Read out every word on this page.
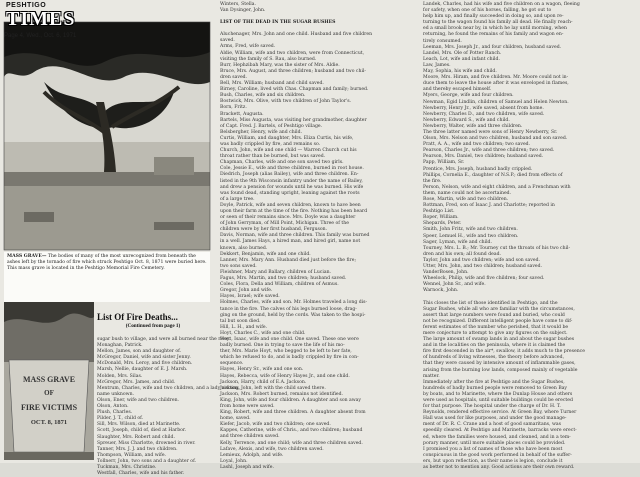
PESHTIGO
TIMES
Page 4, Wed., Oct. 6, 1971

MASS GRAVE— The bodies of many of the most unrecognized from beneath the ashes left by the tornado of fire which struck Peshtigo Oct. 8, 1871 were buried here. This mass grave is located in the Peshtigo Memorial Fire Cemetery.

MASS GRAVE
OF
FIRE VICTIMS
OCT. 8, 1871
List Of Fire Deaths...
(Continued from page 1)
sugar bush to village, and were all burned near the river.
Monaghan, Patrick.
Mellon, James, son and daughter of.
McGregor, Daniel, wife and sister Jenny.
McDonald, Mrs. Leroy, and five children.
Marsh, Nellie, daughter of E. J. Marsh.
Molden, Mrs. Silas.
McGregor, Mrs. James, and child.
Mentrum, Charles, wife and two children, and a lady visiting,
name unknown.
Olson, Ener, wife and two children.
Olson, Anton.
Plush, Charles.
Pilder, J. T., child of.
Sill, Mrs. Wilson, died at Marinette.
Scott, Joseph, child of, died at Harbor.
Slaughter, Mrs. Robert and child.
Spreuer, Miss Charlotte, drowned in river.
Tanner, Mrs. J. J. and two children.
Thompson, William, and wife.
Tollnerr, John, two sons and a daughter of.
Tuckman, Mrs. Christine.
Westfall, Charles, wife and his father.
Winters, Stella.
Van Dysinger, John.
LIST OF THE DEAD IN THE SUGAR BUSHES
Aluchenager, Mrs. John and one child. Husband and five children
saved.
Arms, Fred, wife saved.
Aldie, William, wife and two children, were from Connecticut,
visiting the family of S. Rau, also burned.
Burr, Hephzibah Mary, was the sister of Mrs. Aldie.
Bruce, Mrs. August, and three children; husband and two chil-
dren saved.
Bell, Mrs. William; husband and child saved.
Birney, Caroline, lived with Chas. Chapman and family; burned.
Bush, Charles, wife and six children.
Bostwick, Mrs. Olive, with two children of John Taylor's.
Born, Fritz.
Brackett, Augusta.
Bartels, Miss Augusta, was visiting her grandmother, daughter
of Capt. Fred. J. Bartels, of Peshtigo village.
Belsbergher, Henry, wife and child.
Curtis, William, and daughter, Mrs. Eliza Curtis, his wife,
was badly crippled by fire, and remains so.
Church, John, wife and one child — Warren Church cut his
throat rather than be burned, but was saved.
Chapman, Charles, wife and one son saved two girls.
Cole, Jessie E., wife and three children, burned in root house.
Diedrich, Joseph (alias Bailey), wife and three children. En-
listed in the 9th Wisconsin infantry under the name of Bailey,
and drew a pension for wounds until he was burned. His wife
was found dead, standing upright, leaning against the roots
of a large tree.
Doyle, Patrick, wife and seven children, known to have been
upon their farm at the time of the fire. Nothing has been heard
or seen of their remains since. Mrs. Doyle was a daughter
of John Gerryman, of Mill Point, Michigan. Three of the
children were by her first husband, Ferguson.
Davis, Norman, wife and three children. This family was burned
in a well. James Hays, a hired man, and hired girl, name not
known, also burned.
Dekkert, Benjamin, wife and one child.
Lanner, Mrs. Mary Ann. Husband died just before the fire;
two sons saved.
Fleishner, Mary and Ballary, children of Lucian.
Fagus, Mrs. Martin, and two children; husband saved.
Coles, Flora, Della and William, children of Asmus.
Gregor, John and wife.
Hayes, Israel; wife saved.
Holmes, Charles, wife and son. Mr. Holmes traveled a long dis-
tance in the fire. The calves of his legs burned loose, drag-
ging on the ground, held by the cords. Was taken to the hospi-
tal but soon died.
Hill, L. H., and wife.
Hoyt, Charles C., wife and one child.
Hoyt, Isaac, wife and one child. One saved. These one were
badly burned. One in trying to save the life of his mo-
ther, Mrs. Marie Hoyt, who begged to be left to her fate,
which he refused to do, and is badly crippled by fire in con-
sequence.
Hayes, Henry Sr., wife and one son.
Hayes, Rebecca, wife of Henry Hayes Jr., and one child.
Jackson, Harry, child of E.A. Jackson.
Jackson, John, left with the child saved there.
Jackson, Mrs. Robert burned, remains not identified.
King, John, wife and four children. A daughter and son away
from home were saved.
King, Robert, wife and three children. A daughter absent from
home, saved.
Kiefer, Jacob, wife and two children; one saved.
Kappes, Catherine, wife of Chris., and two children; husband
and three children saved.
Kelly, Terrence, and one child; wife and three children saved.
Lafave, Alexis, and wife, two children saved.
Lemieux, Adolph, and wife.
Loyal, John.
Lashl, Joseph and wife.
Landek, Charles, had his wife and five children on a wagon, fleeing
for safety, when one of his horses, falling, he got out to
help him up, and finally succeeded in doing so, and upon re-
turning to the wagon found his family all dead. He finally reach-
ed a small brook near by, in which he lay until morning, when
returning, he found the remains of his family and wagon en-
tirely consumed.
Leeman, Mrs. Joseph Jr., and four children, husband saved.
Landel, Mrs. Ole of Potter Ranch.
Leach, Lot, wife and infant child.
Law, James.
May, Sophia, his wife and child.
Moore, Mrs. Hiram, and five children. Mr. Moore could not in-
duce them to leave the house after it was enveloped in flames,
and thereby escaped himself.
Myers, George, wife and four children.
Newman, Egid Lindlin, children of Samuel and Helen Newton.
Newberry, Henry Jr., wife saved, absent from home.
Newberry, Charles D., and two children, wife saved.
Newberry, Edward S., wife and child.
Newberry, Walter, wife and three children.
The three latter named were sons of Henry Newberry, Sr.
Olson, Mrs. Nelson and two children, husband and son saved.
Pratt, A. A., wife and two children; two saved.
Pearson, Charles Jr., wife and three children; two saved.
Pearson, Mrs. Daniel, two children; husband saved.
Papp, William, Sr.
Prentice, Mrs. Joseph, husband badly crippled.
Phillips, Cornelia E., daughter of N.S.P.; died from effects of
the fire.
Person, Nelson, wife and eight children, and a Frenchman with
them, name could not be ascertained.
Rose, Martin, wife and two children.
Rottman, Fred, son of Isaac J. and Charlotte; reported in
Peshtigo List.
Roper, William.
Shepards, Peter.
Smith, John Fritz, wife and two children.
Speer, Lemuel H., wife and two children.
Sager, Lyman, wife and child.
Tourney, Mrs. L. B.; Mr. Tourney cut the throats of his two chil-
dren and his own; all found dead.
Taylor, John and two children; wife and son saved.
Utter, Mrs. John, and two children; husband saved.
VanderBosen, John.
Wheelock, Philip, wife and five children; four saved.
Wennel, John Sr., and wife.
Warnock, John.
This closes the list of those identified in Peshtigo, and the
Sugar Bushes, while all who are familiar with the circumstances,
assert that large numbers were found and buried, who could
not be recognized. Different intelligent people have come to dif-
ferent estimates of the number who perished, that it would be
mere conjecture to attempt to give any figures on the subject.
The large amount of swamp lands in and about the sugar bushes
and in the localities on the peninsula, where it is claimed the
fire first descended in the air*, swallow, it adds much to the presence
of hundreds of living witnesses, the theory before advanced,
that they were caused by intensive amount of inflammable gases,
arising from the burning low lands, composed mainly of vegetable
matter.
Immediately after the fire at Peshtigo and the Sugar Bushes,
hundreds of badly burned people were removed to Green Bay
by boats, and to Marinette, where the Dunlap House and others
were used as hospitals, until suitable buildings could be erected
for that purpose. The hospital under the charge of Dr. H. T.
Reynolds, rendered effective service. At Green Bay, where Turner
Hall was used for like purposes, and under the good manage-
ment of Dr. R. C. Crane and a host of good samaritans, was
speedily cleared. At Peshtigo and Marinette, barracks were erect-
ed, where the families were housed, and cleaned, and in a tem-
porary manner, until more suitable places could be provided.
I promised you a list of names of those who have been most
conspicuous in the good work performed in behalf of the suffer-
ers, but upon reflection, as their name is legion, conclude it
as better not to mention any. Good actions are their own reward.
